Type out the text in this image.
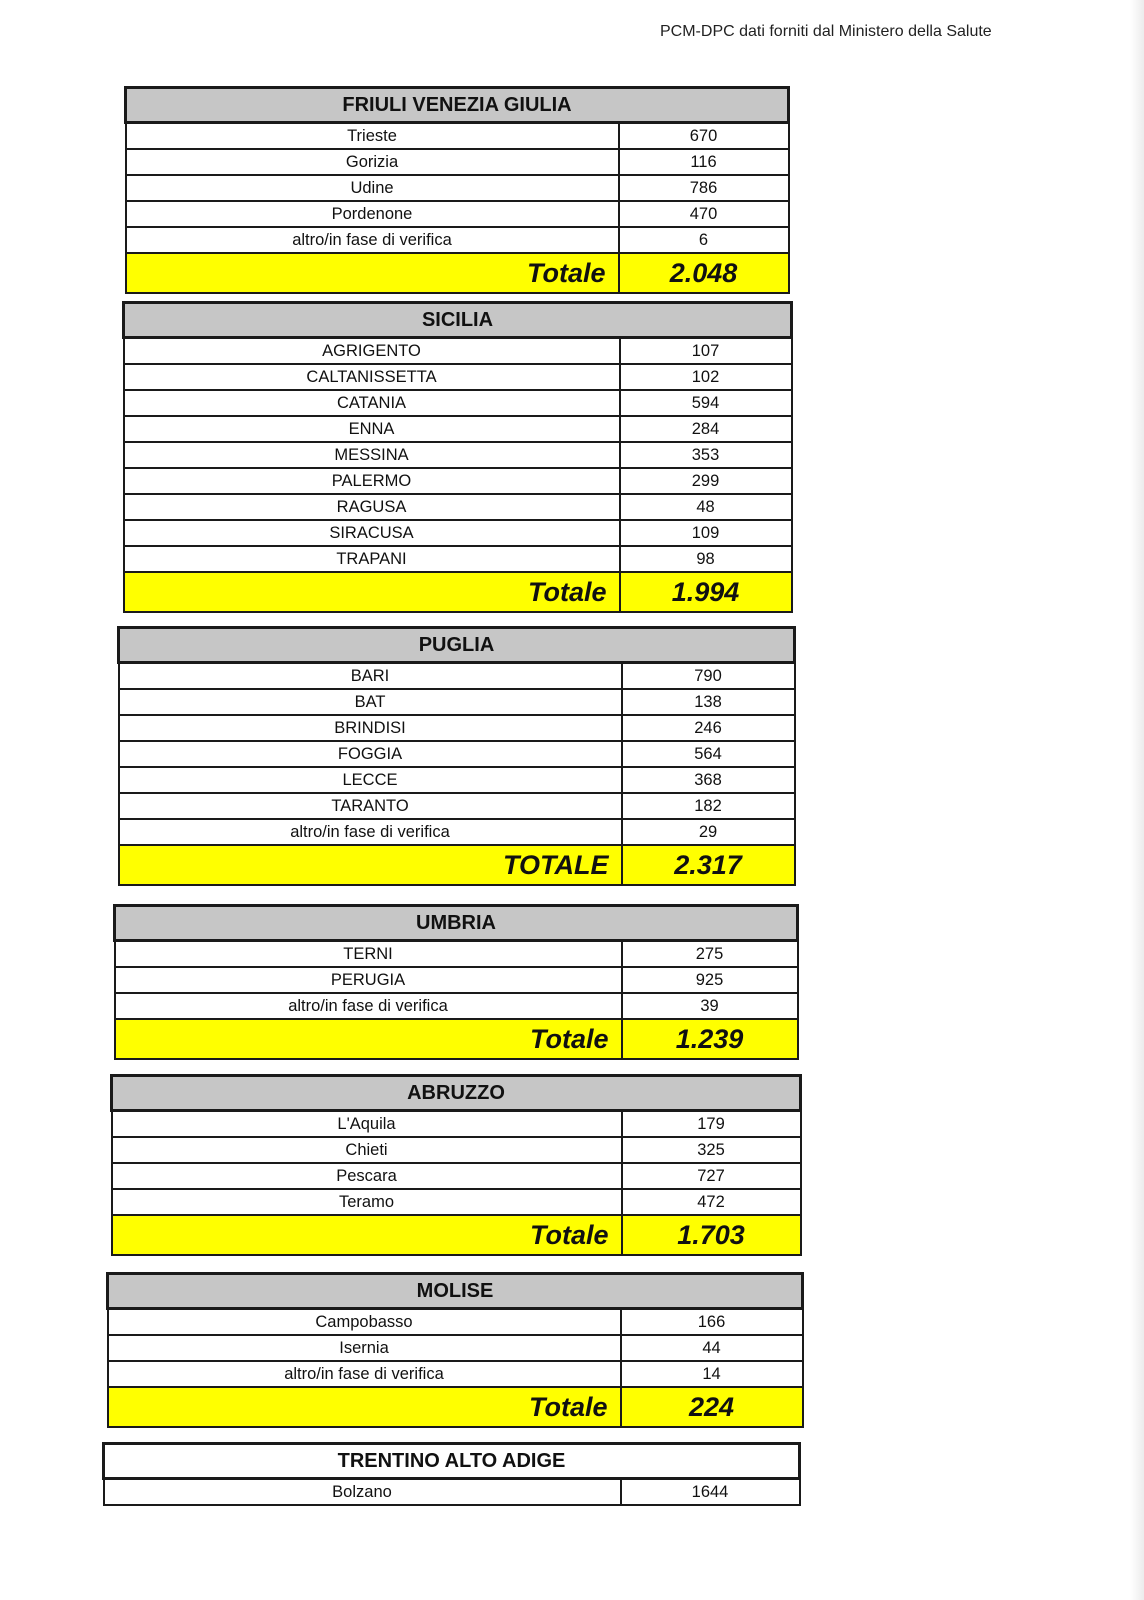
PCM-DPC dati forniti dal Ministero della Salute
FRIULI VENEZIA GIULIA	
Trieste	670
Gorizia	116
Udine	786
Pordenone	470
altro/in fase di verifica	6
Totale	2.048
SICILIA	
AGRIGENTO	107
CALTANISSETTA	102
CATANIA	594
ENNA	284
MESSINA	353
PALERMO	299
RAGUSA	48
SIRACUSA	109
TRAPANI	98
Totale	1.994
PUGLIA	
BARI	790
BAT	138
BRINDISI	246
FOGGIA	564
LECCE	368
TARANTO	182
altro/in fase di verifica	29
TOTALE	2.317
UMBRIA	
TERNI	275
PERUGIA	925
altro/in fase di verifica	39
Totale	1.239
ABRUZZO	
L'Aquila	179
Chieti	325
Pescara	727
Teramo	472
Totale	1.703
MOLISE	
Campobasso	166
Isernia	44
altro/in fase di verifica	14
Totale	224
TRENTINO ALTO ADIGE
Bolzano	1644
